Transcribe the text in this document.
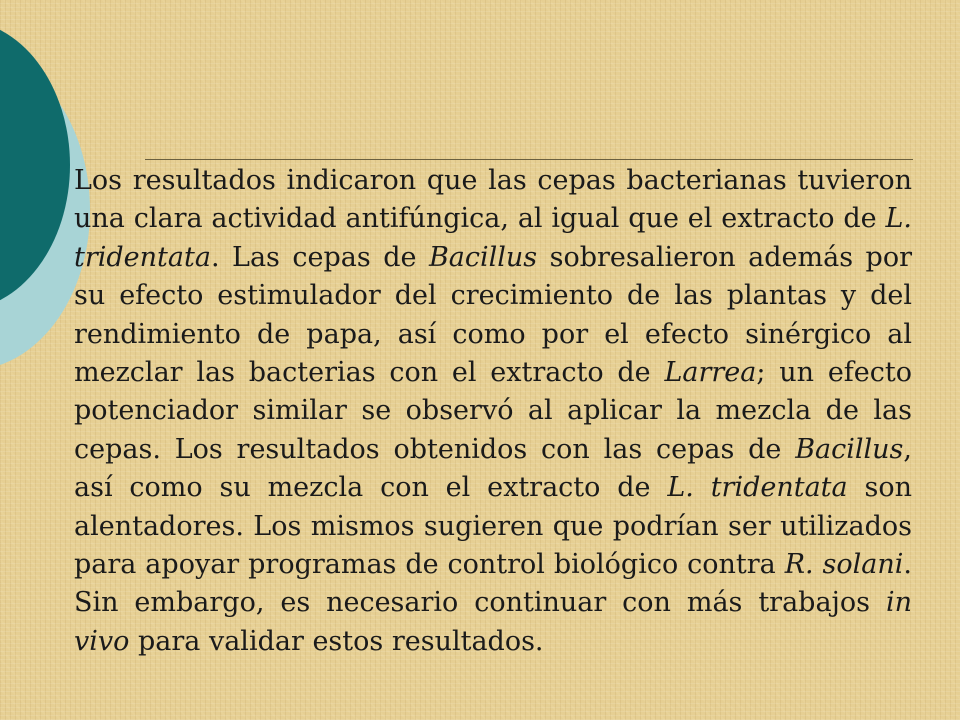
Los resultados indicaron que las cepas bacterianas tuvieron una clara actividad antifúngica, al igual que el extracto de L. tridentata. Las cepas de Bacillus sobresalieron además por su efecto estimulador del crecimiento de las plantas y del rendimiento de papa, así como por el efecto sinérgico al mezclar las bacterias con el extracto de Larrea; un efecto potenciador similar se observó al aplicar la mezcla de las cepas. Los resultados obtenidos con las cepas de Bacillus, así como su mezcla con el extracto de L. tridentata son alentadores. Los mismos sugieren que podrían ser utilizados para apoyar programas de control biológico contra R. solani. Sin embargo, es necesario continuar con más trabajos in vivo para validar estos resultados.
